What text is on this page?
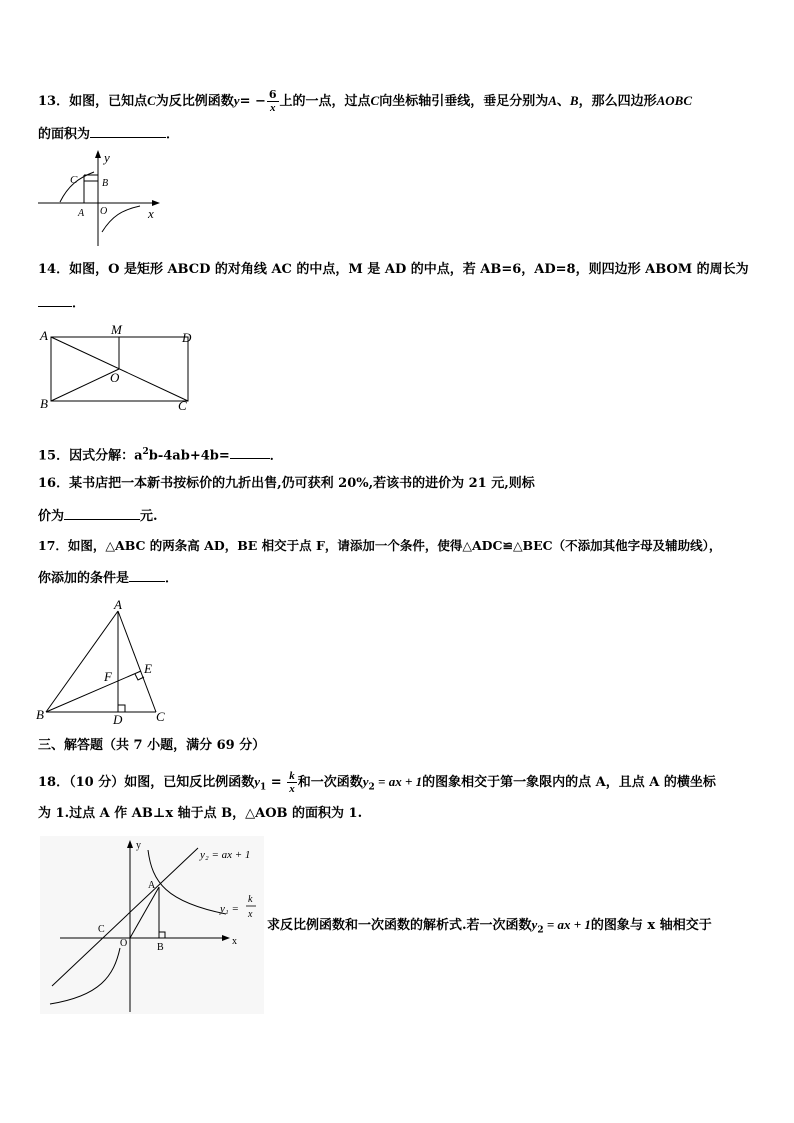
13．如图，已知点C为反比例函数$y= - \frac{6}{x}$ 上的一点，过点C向坐标轴引垂线，垂足分别为A、B，那么四边形AOBC
的面积为	．
y
x
C B
A O
14．如图，O 是矩形 ABCD 的对角线 AC 的中点，M 是 AD 的中点，若 AB=6，AD=8，则四边形 ABOM 的周长为
．
A	M
D
O
B	C
15．因式分解：$a^2b-4ab+4b=$	．
16．某书店把一本新书按标价的九折出售,仍可获利 20%,若该书的进价为 21 元,则标
价为	元.
17．如图，△ABC 的两条高 AD，BE 相交于点 F，请添加一个条件，使得△ADC≌△BEC（不添加其他字母及辅助线），
你添加的条件是	．
A
E
F
B	D	C
三、解答题（共 7 小题，满分 69 分）
18．（10 分）如图，已知反比例函数$y_1 = \frac{k}{x}$ 和一次函数$y_2$ = ax + 1的图象相交于第一象限内的点 A，且点 A 的横坐标
为 1.过点 A 作 AB⊥x 轴于点 B，△AOB 的面积为 1.
y
x
A
C
O	B
y₂ = ax + 1
y₁ =
k
x
求反比例函数和一次函数的解析式.若一次函数$y_2$ = ax + 1的图象与 x 轴相交于
